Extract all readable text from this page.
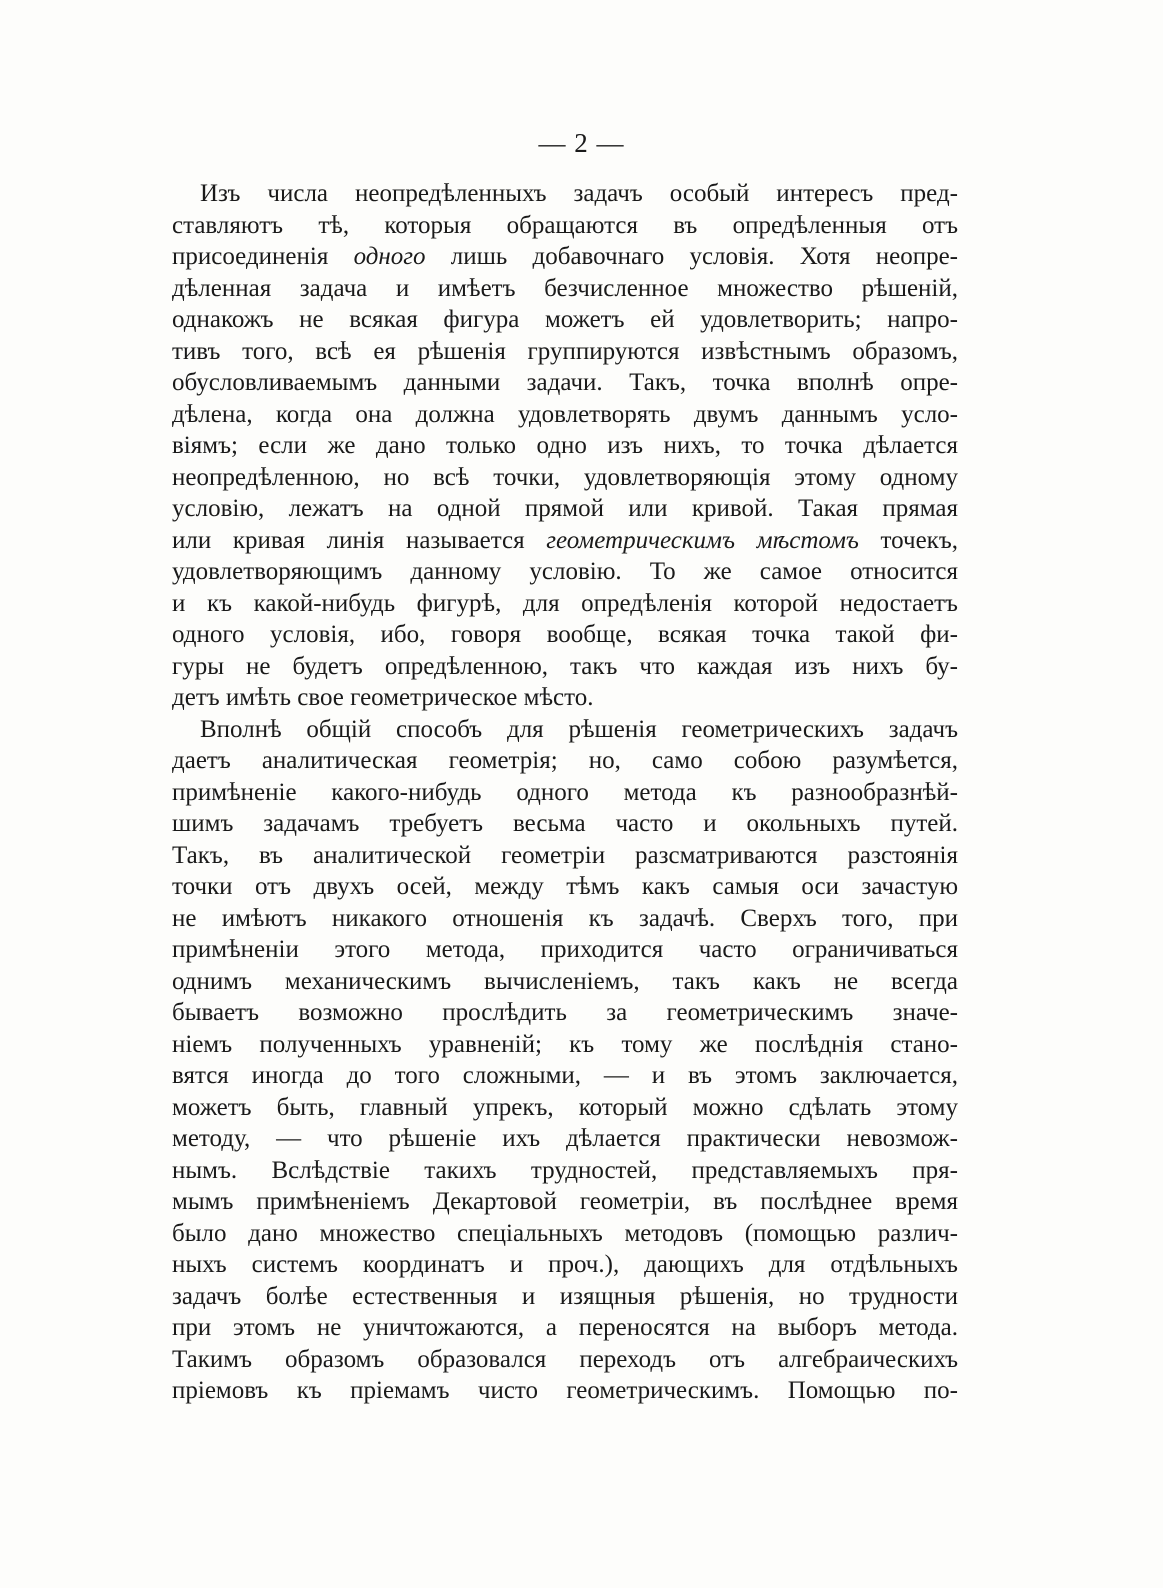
— 2 —
Изъ числа неопредѣленныхъ задачъ особый интересъ пред-
ставляютъ тѣ, которыя обращаются въ опредѣленныя отъ
присоединенія одного лишь добавочнаго условія. Хотя неопре-
дѣленная задача и имѣетъ безчисленное множество рѣшеній,
однакожъ не всякая фигура можетъ ей удовлетворить; напро-
тивъ того, всѣ ея рѣшенія группируются извѣстнымъ образомъ,
обусловливаемымъ данными задачи. Такъ, точка вполнѣ опре-
дѣлена, когда она должна удовлетворять двумъ даннымъ усло-
віямъ; если же дано только одно изъ нихъ, то точка дѣлается
неопредѣленною, но всѣ точки, удовлетворяющія этому одному
условію, лежатъ на одной прямой или кривой. Такая прямая
или кривая линія называется геометрическимъ мѣстомъ точекъ,
удовлетворяющимъ данному условію. То же самое относится
и къ какой-нибудь фигурѣ, для опредѣленія которой недостаетъ
одного условія, ибо, говоря вообще, всякая точка такой фи-
гуры не будетъ опредѣленною, такъ что каждая изъ нихъ бу-
детъ имѣть свое геометрическое мѣсто.
Вполнѣ общій способъ для рѣшенія геометрическихъ задачъ
даетъ аналитическая геометрія; но, само собою разумѣется,
примѣненіе какого-нибудь одного метода къ разнообразнѣй-
шимъ задачамъ требуетъ весьма часто и окольныхъ путей.
Такъ, въ аналитической геометріи разсматриваются разстоянія
точки отъ двухъ осей, между тѣмъ какъ самыя оси зачастую
не имѣютъ никакого отношенія къ задачѣ. Сверхъ того, при
примѣненіи этого метода, приходится часто ограничиваться
однимъ механическимъ вычисленіемъ, такъ какъ не всегда
бываетъ возможно прослѣдить за геометрическимъ значе-
ніемъ полученныхъ уравненій; къ тому же послѣднія стано-
вятся иногда до того сложными, — и въ этомъ заключается,
можетъ быть, главный упрекъ, который можно сдѣлать этому
методу, — что рѣшеніе ихъ дѣлается практически невозмож-
нымъ. Вслѣдствіе такихъ трудностей, представляемыхъ пря-
мымъ примѣненіемъ Декартовой геометріи, въ послѣднее время
было дано множество спеціальныхъ методовъ (помощью различ-
ныхъ системъ координатъ и проч.), дающихъ для отдѣльныхъ
задачъ болѣе естественныя и изящныя рѣшенія, но трудности
при этомъ не уничтожаются, а переносятся на выборъ метода.
Такимъ образомъ образовался переходъ отъ алгебраическихъ
пріемовъ къ пріемамъ чисто геометрическимъ. Помощью по-
